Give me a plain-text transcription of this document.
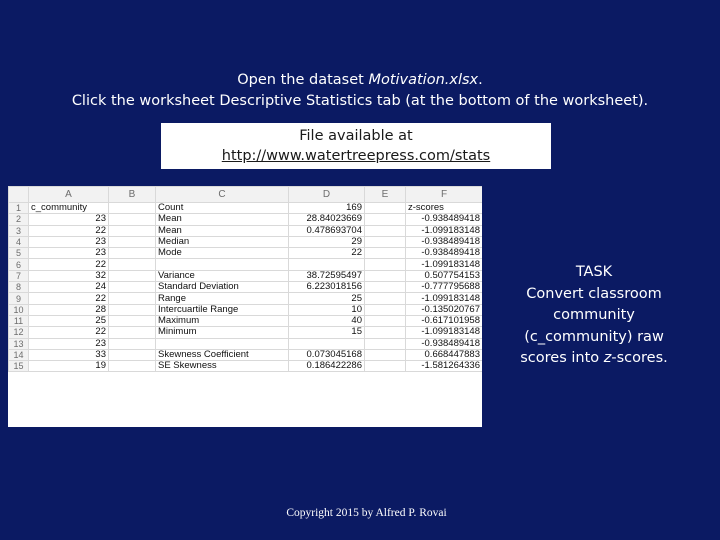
Open the dataset Motivation.xlsx.
Click the worksheet Descriptive Statistics tab (at the bottom of the worksheet).
File available at
http://www.watertreepress.com/stats
	A	B	C	D	E	F
1	c_community		Count	169		z-scores
2	23		Mean	28.84023669		-0.938489418
3	22		Mean	0.478693704		-1.099183148
4	23		Median	29		-0.938489418
5	23		Mode	22		-0.938489418
6	22					-1.099183148
7	32		Variance	38.72595497		0.507754153
8	24		Standard Deviation	6.223018156		-0.777795688
9	22		Range	25		-1.099183148
10	28		Intercuartile Range	10		-0.135020767
11	25		Maximum	40		-0.617101958
12	22		Minimum	15		-1.099183148
13	23					-0.938489418
14	33		Skewness Coefficient	0.073045168		0.668447883
15	19		SE Skewness	0.186422286		-1.581264336
TASK
Convert classroom
community
(c_community) raw
scores into z-scores.
Copyright 2015 by Alfred P. Rovai
